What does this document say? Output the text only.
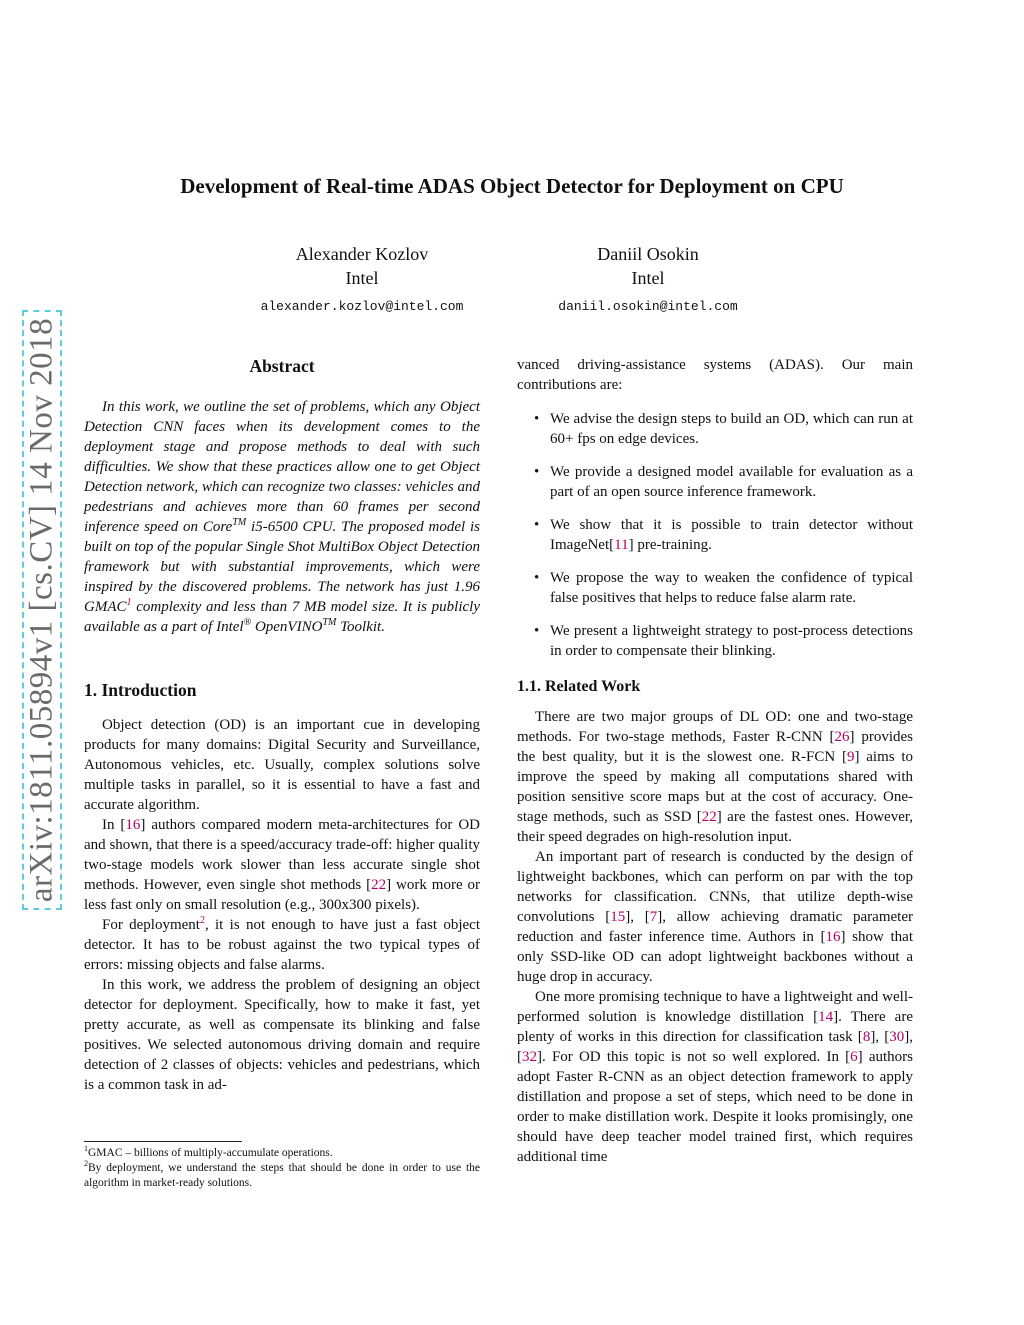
arXiv:1811.05894v1 [cs.CV] 14 Nov 2018
Development of Real-time ADAS Object Detector for Deployment on CPU
Alexander Kozlov
Intel
alexander.kozlov@intel.com
Daniil Osokin
Intel
daniil.osokin@intel.com
Abstract

In this work, we outline the set of problems, which any Object Detection CNN faces when its development comes to the deployment stage and propose methods to deal with such difficulties. We show that these practices allow one to get Object Detection network, which can recognize two classes: vehicles and pedestrians and achieves more than 60 frames per second inference speed on Core™ i5-6500 CPU. The proposed model is built on top of the popular Single Shot MultiBox Object Detection framework but with substantial improvements, which were inspired by the discovered problems. The network has just 1.96 GMAC$^1$ complexity and less than 7 MB model size. It is publicly available as a part of Intel® OpenVINO™ Toolkit.

1. Introduction

Object detection (OD) is an important cue in developing products for many domains: Digital Security and Surveillance, Autonomous vehicles, etc. Usually, complex solutions solve multiple tasks in parallel, so it is essential to have a fast and accurate algorithm.

In [16] authors compared modern meta-architectures for OD and shown, that there is a speed/accuracy trade-off: higher quality two-stage models work slower than less accurate single shot methods. However, even single shot methods [22] work more or less fast only on small resolution (e.g., 300x300 pixels).

For deployment$^2$, it is not enough to have just a fast object detector. It has to be robust against the two typical types of errors: missing objects and false alarms.

In this work, we address the problem of designing an object detector for deployment. Specifically, how to make it fast, yet pretty accurate, as well as compensate its blinking and false positives. We selected autonomous driving domain and require detection of 2 classes of objects: vehicles and pedestrians, which is a common task in ad-

vanced driving-assistance systems (ADAS). Our main contributions are:

• We advise the design steps to build an OD, which can run at 60+ fps on edge devices.
• We provide a designed model available for evaluation as a part of an open source inference framework.
• We show that it is possible to train detector without ImageNet[11] pre-training.
• We propose the way to weaken the confidence of typical false positives that helps to reduce false alarm rate.
• We present a lightweight strategy to post-process detections in order to compensate their blinking.
1.1. Related Work

There are two major groups of DL OD: one and two-stage methods. For two-stage methods, Faster R-CNN [26] provides the best quality, but it is the slowest one. R-FCN [9] aims to improve the speed by making all computations shared with position sensitive score maps but at the cost of accuracy. One-stage methods, such as SSD [22] are the fastest ones. However, their speed degrades on high-resolution input.

An important part of research is conducted by the design of lightweight backbones, which can perform on par with the top networks for classification. CNNs, that utilize depth-wise convolutions [15], [7], allow achieving dramatic parameter reduction and faster inference time. Authors in [16] show that only SSD-like OD can adopt lightweight backbones without a huge drop in accuracy.

One more promising technique to have a lightweight and well-performed solution is knowledge distillation [14]. There are plenty of works in this direction for classification task [8], [30], [32]. For OD this topic is not so well explored. In [6] authors adopt Faster R-CNN as an object detection framework to apply distillation and propose a set of steps, which need to be done in order to make distillation work. Despite it looks promisingly, one should have deep teacher model trained first, which requires additional time

$^1$GMAC – billions of multiply-accumulate operations.
$^2$By deployment, we understand the steps that should be done in order to use the algorithm in market-ready solutions.
